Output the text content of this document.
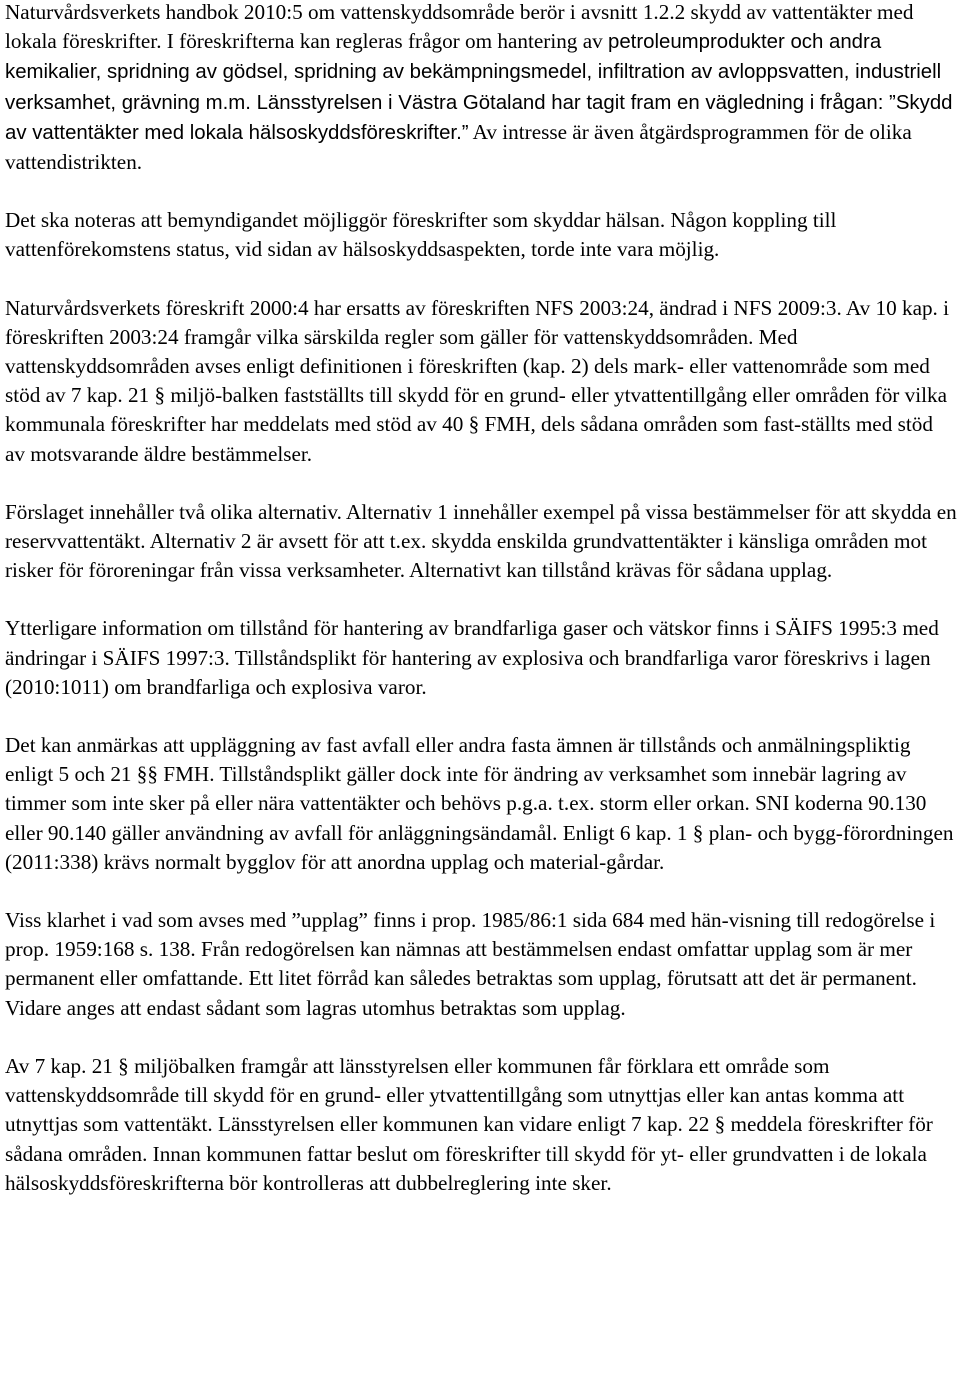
Naturvårdsverkets handbok 2010:5 om vattenskyddsområde berör i avsnitt 1.2.2 skydd av vattentäkter med lokala föreskrifter. I föreskrifterna kan regleras frågor om hantering av petroleumprodukter och andra kemikalier, spridning av gödsel, spridning av bekämpningsmedel, infiltration av avloppsvatten, industriell verksamhet, grävning m.m. Länsstyrelsen i Västra Götaland har tagit fram en vägledning i frågan: ”Skydd av vattentäkter med lokala hälsoskyddsföreskrifter.” Av intresse är även åtgärdsprogrammen för de olika vattendistrikten.

Det ska noteras att bemyndigandet möjliggör föreskrifter som skyddar hälsan. Någon koppling till vattenförekomstens status, vid sidan av hälsoskyddsaspekten, torde inte vara möjlig.

Naturvårdsverkets föreskrift 2000:4 har ersatts av föreskriften NFS 2003:24, ändrad i NFS 2009:3. Av 10 kap. i föreskriften 2003:24 framgår vilka särskilda regler som gäller för vattenskyddsområden. Med vattenskyddsområden avses enligt definitionen i föreskriften (kap. 2) dels mark- eller vattenområde som med stöd av 7 kap. 21 § miljö-balken fastställts till skydd för en grund- eller ytvattentillgång eller områden för vilka kommunala föreskrifter har meddelats med stöd av 40 § FMH, dels sådana områden som fast-ställts med stöd av motsvarande äldre bestämmelser.

Förslaget innehåller två olika alternativ. Alternativ 1 innehåller exempel på vissa bestämmelser för att skydda en reservvattentäkt. Alternativ 2 är avsett för att t.ex. skydda enskilda grundvattentäkter i känsliga områden mot risker för föroreningar från vissa verksamheter. Alternativt kan tillstånd krävas för sådana upplag.

Ytterligare information om tillstånd för hantering av brandfarliga gaser och vätskor finns i SÄIFS 1995:3 med ändringar i SÄIFS 1997:3. Tillståndsplikt för hantering av explosiva och brandfarliga varor föreskrivs i lagen (2010:1011) om brandfarliga och explosiva varor.

Det kan anmärkas att uppläggning av fast avfall eller andra fasta ämnen är tillstånds och anmälningspliktig enligt 5 och 21 §§ FMH. Tillståndsplikt gäller dock inte för ändring av verksamhet som innebär lagring av timmer som inte sker på eller nära vattentäkter och behövs p.g.a. t.ex. storm eller orkan. SNI koderna 90.130 eller 90.140 gäller användning av avfall för anläggningsändamål. Enligt 6 kap. 1 § plan- och bygg-förordningen (2011:338) krävs normalt bygglov för att anordna upplag och material-gårdar.

Viss klarhet i vad som avses med ”upplag” finns i prop. 1985/86:1 sida 684 med hän-visning till redogörelse i prop. 1959:168 s. 138. Från redogörelsen kan nämnas att bestämmelsen endast omfattar upplag som är mer permanent eller omfattande. Ett litet förråd kan således betraktas som upplag, förutsatt att det är permanent. Vidare anges att endast sådant som lagras utomhus betraktas som upplag.

Av 7 kap. 21 § miljöbalken framgår att länsstyrelsen eller kommunen får förklara ett område som vattenskyddsområde till skydd för en grund- eller ytvattentillgång som utnyttjas eller kan antas komma att utnyttjas som vattentäkt. Länsstyrelsen eller kommunen kan vidare enligt 7 kap. 22 § meddela föreskrifter för sådana områden. Innan kommunen fattar beslut om föreskrifter till skydd för yt- eller grundvatten i de lokala hälsoskyddsföreskrifterna bör kontrolleras att dubbelreglering inte sker.
